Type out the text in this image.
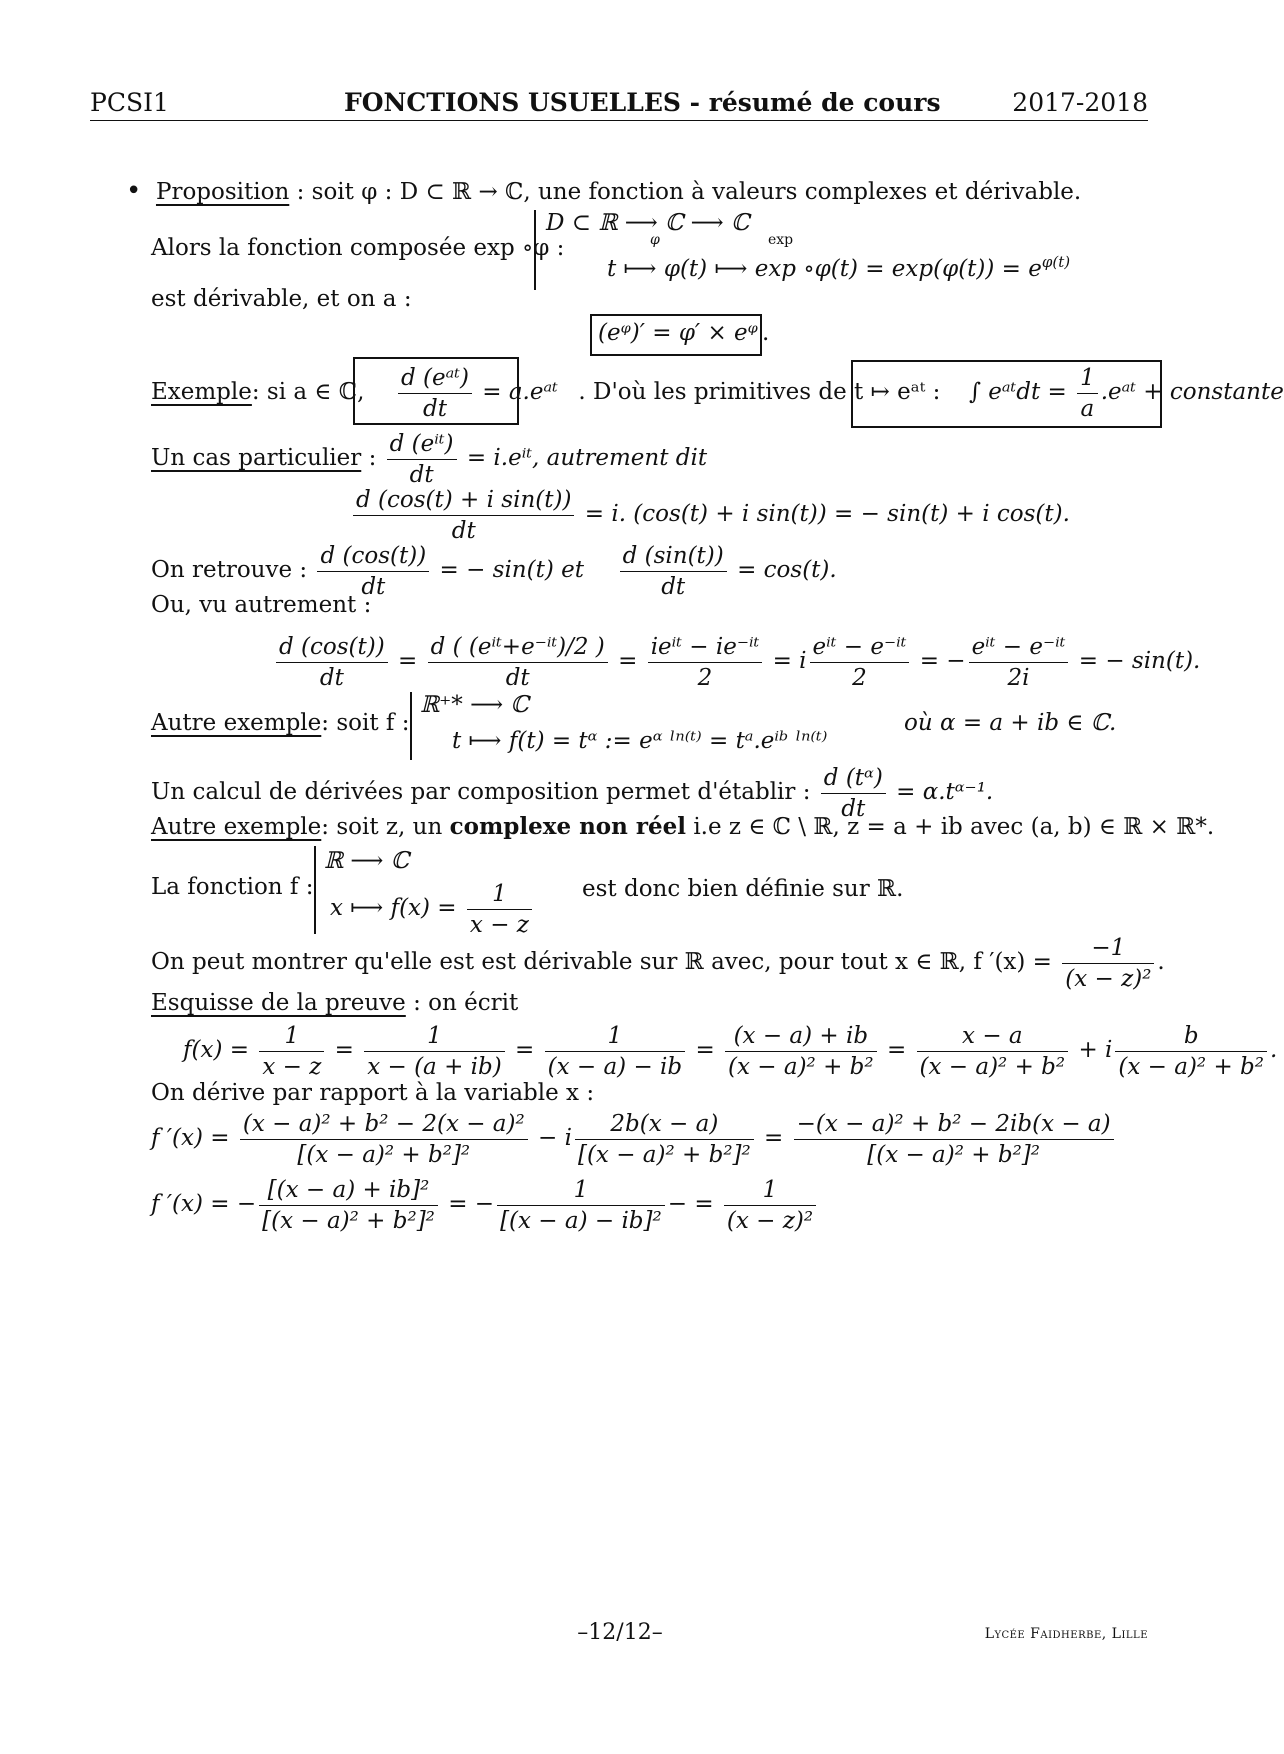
PCSI1	FONCTIONS USUELLES - résumé de cours	2017-2018
• Proposition : soit φ : D ⊂ ℝ → ℂ, une fonction à valeurs complexes et dérivable.
Alors la fonction composée exp ∘φ :
D ⊂ ℝ ⟶ ℂ ⟶ ℂ
φ	exp
t ⟼ φ(t) ⟼ exp ∘φ(t) = $\exp(\varphi(t)) = e^{\varphi(t)}$
est dérivable, et on a :
(eᵠ)′ = φ′ × eᵠ .
Exemple: si a ∈ ℂ, $\frac{\text{d (eᵃᵗ)}}{dt}$ = a.eᵃᵗ . D'où les primitives de t ↦ eᵃᵗ : ∫ eᵃᵗdt = $\frac{1}{a}$ .eᵃᵗ + constante
Un cas particulier : $\frac{\text{d (eⁱᵗ)}}{dt}$ = i.eⁱᵗ, autrement dit
$\frac{\text{d (cos(t) + i sin(t))}}{dt} = i$. (cos(t) + i sin(t)) = − sin(t) + i cos(t).
On retrouve : $\frac{d (\cos(t))}{dt}$ = − sin(t) et $\frac{d (\sin(t))}{dt} = \cos(t)$.
Ou, vu autrement :
$\frac{d (\cos(t))}{dt} = \frac{\text{d ( (eⁱᵗ+e⁻ⁱᵗ)/2 )}}{dt} = \frac{\text{ieⁱᵗ − ie⁻ⁱᵗ}}{2} = i \frac{\text{eⁱᵗ − e⁻ⁱᵗ}}{2}$ = − $\frac{\text{eⁱᵗ − e⁻ⁱᵗ}}{2i}$ = − sin(t).
Autre exemple: soit f :
ℝ⁺* ⟶ ℂ
t ⟼ f(t) = tᵅ := eᵅ ˡⁿ⁽ᵗ⁾ = tᵃ.eⁱᵇ ˡⁿ⁽ᵗ⁾
où α = a + ib ∈ ℂ.
Un calcul de dérivées par composition permet d'établir : $\frac{\text{d (tᵅ)}}{dt}$ = α.tᵅ⁻¹.
Autre exemple: soit z, un complexe non réel i.e z ∈ ℂ \ ℝ, z = a + ib avec (a, b) ∈ ℝ × ℝ*.
La fonction f :
ℝ ⟶ ℂ
x ⟼ $f(x) = \frac{1}{x - z}$ est donc bien définie sur ℝ.
On peut montrer qu'elle est est dérivable sur ℝ avec, pour tout x ∈ ℝ, f $'(x) = \frac{-1}{\text{(x − z)²}}$ .
Esquisse de la preuve : on écrit
$f(x) = \frac{1}{x - z} = \frac{1}{x - (a + ib)} = \frac{1}{(x - a) - ib} = \frac{(x - a) + ib}{\text{(x − a)² + b²}} = \frac{x - a}{\text{(x − a)² + b²}} + i \frac{b}{\text{(x − a)² + b²}}$ .
On dérive par rapport à la variable x :
f $'(x) = \frac{\text{(x − a)² + b² − 2(x − a)²}}{\text{[(x − a)² + b²]²}} - i \frac{2b(x - a)}{\text{[(x − a)² + b²]²}} = \frac{\text{−(x − a)² + b² − 2ib(x − a)}}{\text{[(x − a)² + b²]²}}$
f ′(x) = − $\frac{\text{[(x − a) + ib]²}}{\text{[(x − a)² + b²]²}}$ = − $\frac{1}{\text{[(x − a) − ib]²}}$ − = $\frac{1}{\text{(x − z)²}}$
–12/12–	Lycée Faidherbe, Lille
